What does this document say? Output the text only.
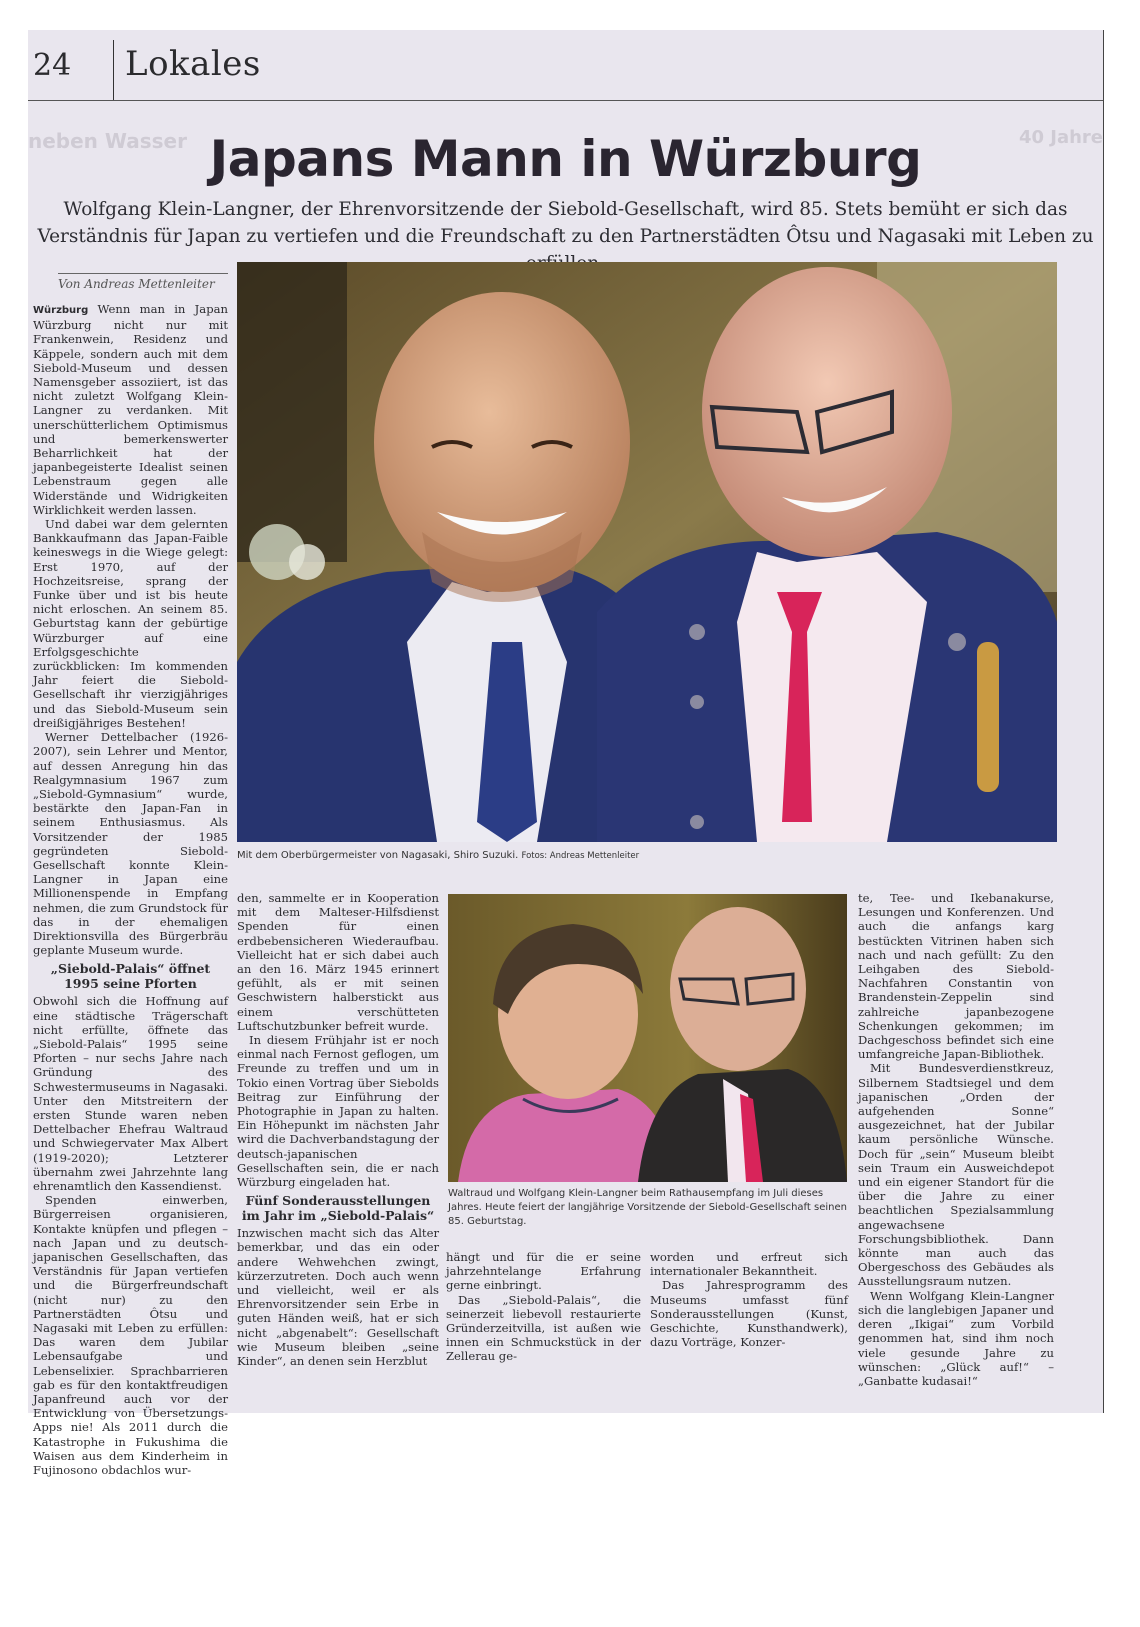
24 Lokales
neben Wasser	40 Jahre
Japans Mann in Würzburg
Wolfgang Klein-Langner, der Ehrenvorsitzende der Siebold-Gesellschaft, wird 85. Stets bemüht er sich das Verständnis für Japan zu vertiefen und die Freundschaft zu den Partnerstädten Ôtsu und Nagasaki mit Leben zu
Von Andreas Mettenleiter

Würzburg Wenn man in Japan Würzburg nicht nur mit Frankenwein, Residenz und Käppele, sondern auch mit dem Siebold-Museum und dessen Namensgeber assoziiert, ist das nicht zuletzt Wolfgang Klein-Langner zu verdanken. Mit unerschütterlichem Optimismus und bemerkenswerter Beharrlichkeit hat der japanbegeisterte Idealist seinen Lebenstraum gegen alle Widerstände und Widrigkeiten Wirklichkeit werden lassen.

Und dabei war dem gelernten Bankkaufmann das Japan-Faible keineswegs in die Wiege gelegt: Erst 1970, auf der Hochzeitsreise, sprang der Funke über und ist bis heute nicht erloschen. An seinem 85. Geburtstag kann der gebürtige Würzburger auf eine Erfolgsgeschichte zurückblicken: Im kommenden Jahr feiert die Siebold-Gesellschaft ihr vierzigjähriges und das Siebold-Museum sein dreißigjähriges Bestehen!

Werner Dettelbacher (1926-2007), sein Lehrer und Mentor, auf dessen Anregung hin das Realgymnasium 1967 zum „Siebold-Gymnasium“ wurde, bestärkte den Japan-Fan in seinem Enthusiasmus. Als Vorsitzender der 1985 gegründeten Siebold-Gesellschaft konnte Klein-Langner in Japan eine Millionenspende in Empfang nehmen, die zum Grundstock für das in der ehemaligen Direktionsvilla des Bürgerbräu geplante Museum wurde.

„Siebold-Palais“ öffnet 1995 seine Pforten

Obwohl sich die Hoffnung auf eine städtische Trägerschaft nicht erfüllte, öffnete das „Siebold-Palais“ 1995 seine Pforten – nur sechs Jahre nach Gründung des Schwestermuseums in Nagasaki. Unter den Mitstreitern der ersten Stunde waren neben Dettelbacher Ehefrau Waltraud und Schwiegervater Max Albert (1919-2020); Letzterer übernahm zwei Jahrzehnte lang ehrenamtlich den Kassendienst.

Spenden einwerben, Bürgerreisen organisieren, Kontakte knüpfen und pflegen – nach Japan und zu deutsch-japanischen Gesellschaften, das Verständnis für Japan vertiefen und die Bürgerfreundschaft (nicht nur) zu den Partnerstädten Ôtsu und Nagasaki mit Leben zu erfüllen: Das waren dem Jubilar Lebensaufgabe und Lebenselixier. Sprachbarrieren gab es für den kontaktfreudigen Japanfreund auch vor der Entwicklung von Übersetzungs-Apps nie! Als 2011 durch die Katastrophe in Fukushima die Waisen aus dem Kinderheim in Fujinosono obdachlos wur-

Mit dem Oberbürgermeister von Nagasaki, Shiro Suzuki. Fotos: Andreas Mettenleiter

den, sammelte er in Kooperation mit dem Malteser-Hilfsdienst Spenden für einen erdbebensicheren Wiederaufbau. Vielleicht hat er sich dabei auch an den 16. März 1945 erinnert gefühlt, als er mit seinen Geschwistern halberstickt aus einem verschütteten Luftschutzbunker befreit wurde.

In diesem Frühjahr ist er noch einmal nach Fernost geflogen, um Freunde zu treffen und um in Tokio einen Vortrag über Siebolds Beitrag zur Einführung der Photographie in Japan zu halten. Ein Höhepunkt im nächsten Jahr wird die Dachverbandstagung der deutsch-japanischen Gesellschaften sein, die er nach Würzburg eingeladen hat.

Fünf Sonderausstellungen im Jahr im „Siebold-Palais“

Inzwischen macht sich das Alter bemerkbar, und das ein oder andere Wehwehchen zwingt, kürzerzutreten. Doch auch wenn und vielleicht, weil er als Ehrenvorsitzender sein Erbe in guten Händen weiß, hat er sich nicht „abgenabelt“: Gesellschaft wie Museum bleiben „seine Kinder“, an denen sein Herzblut

Waltraud und Wolfgang Klein-Langner beim Rathausempfang im Juli dieses Jahres. Heute feiert der langjährige Vorsitzende der Siebold-Gesellschaft seinen 85. Geburtstag.

hängt und für die er seine jahrzehntelange Erfahrung gerne einbringt.

Das „Siebold-Palais“, die seinerzeit liebevoll restaurierte Gründerzeitvilla, ist außen wie innen ein Schmuckstück in der Zellerau ge-

worden und erfreut sich internationaler Bekanntheit.

Das Jahresprogramm des Museums umfasst fünf Sonderausstellungen (Kunst, Geschichte, Kunsthandwerk), dazu Vorträge, Konzer-

te, Tee- und Ikebanakurse, Lesungen und Konferenzen. Und auch die anfangs karg bestückten Vitrinen haben sich nach und nach gefüllt: Zu den Leihgaben des Siebold-Nachfahren Constantin von Brandenstein-Zeppelin sind zahlreiche japanbezogene Schenkungen gekommen; im Dachgeschoss befindet sich eine umfangreiche Japan-Bibliothek.

Mit Bundesverdienstkreuz, Silbernem Stadtsiegel und dem japanischen „Orden der aufgehenden Sonne“ ausgezeichnet, hat der Jubilar kaum persönliche Wünsche. Doch für „sein“ Museum bleibt sein Traum ein Ausweichdepot und ein eigener Standort für die über die Jahre zu einer beachtlichen Spezialsammlung angewachsene Forschungsbibliothek. Dann könnte man auch das Obergeschoss des Gebäudes als Ausstellungsraum nutzen.

Wenn Wolfgang Klein-Langner sich die langlebigen Japaner und deren „Ikigai“ zum Vorbild genommen hat, sind ihm noch viele gesunde Jahre zu wünschen: „Glück auf!“ – „Ganbatte kudasai!“
